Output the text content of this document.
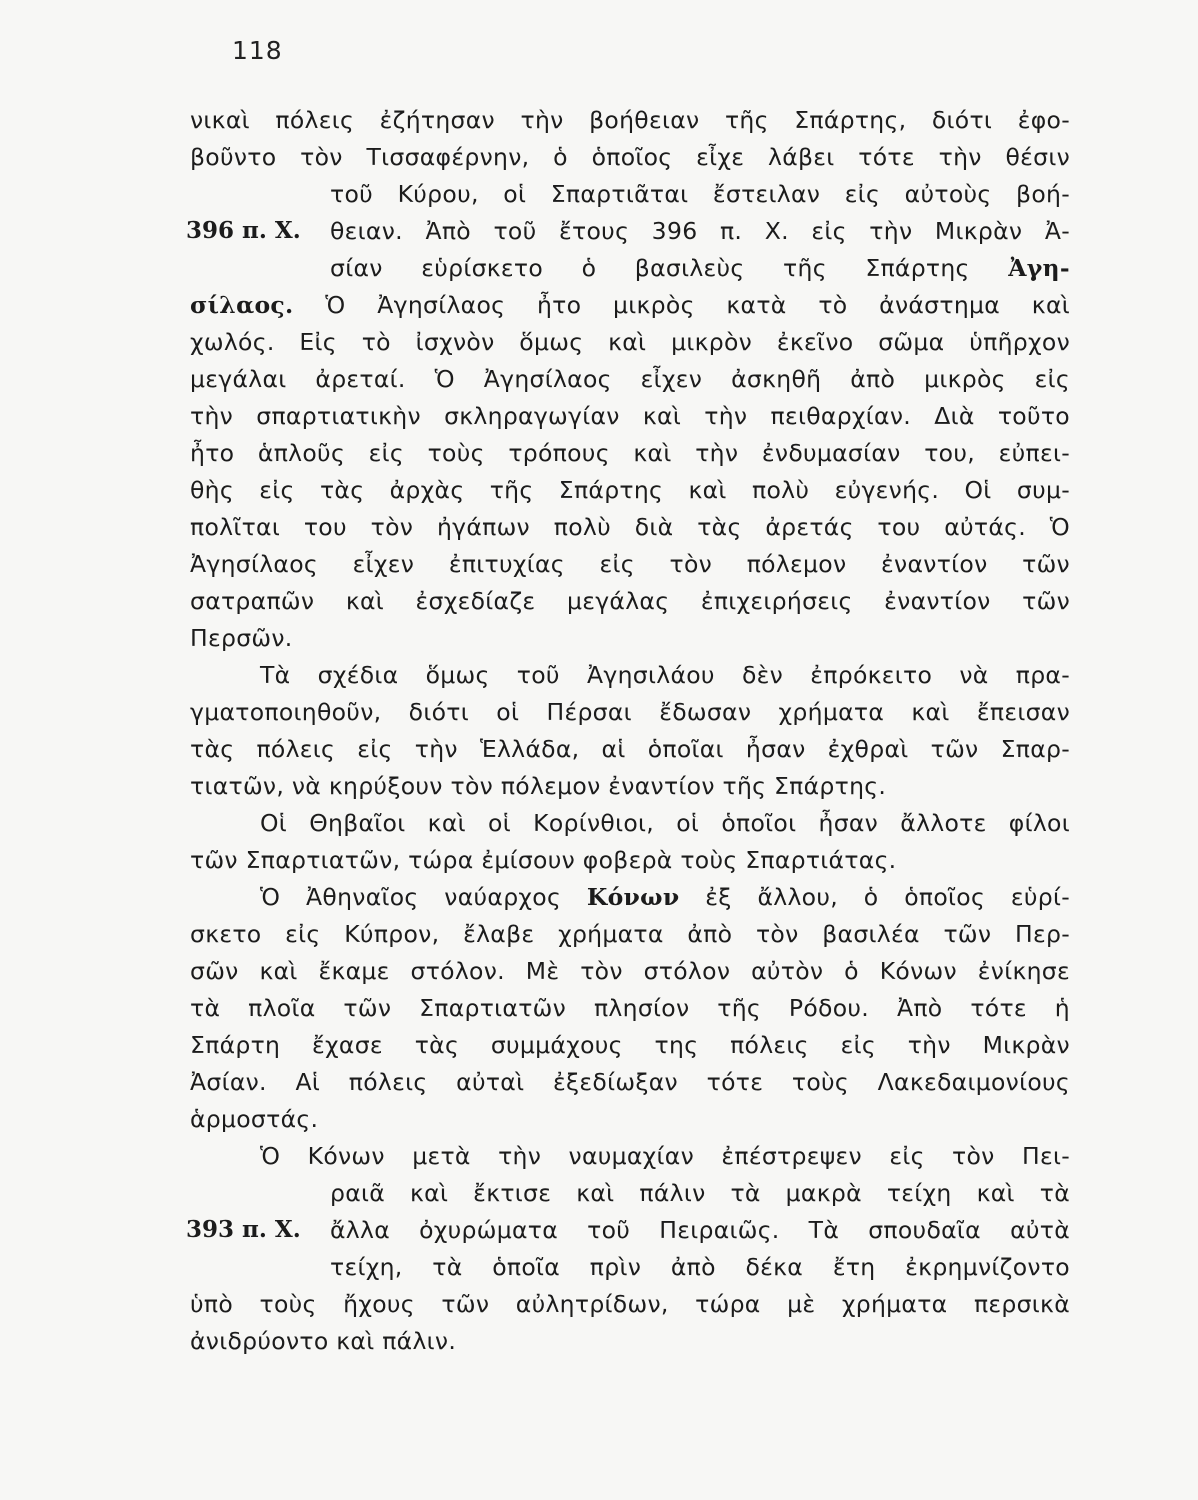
118
νικαὶ πόλεις ἐζήτησαν τὴν βοήθειαν τῆς Σπάρτης, διότι ἐφο-
βοῦντο τὸν Τισσαφέρνην, ὁ ὁποῖος εἶχε λάβει τότε τὴν θέσιν
τοῦ Κύρου, οἱ Σπαρτιᾶται ἔστειλαν εἰς αὐτοὺς βοή-
396 π. Χ. θειαν. Ἀπὸ τοῦ ἔτους 396 π. Χ. εἰς τὴν Μικρὰν Ἀ-
σίαν εὑρίσκετο ὁ βασιλεὺς τῆς Σπάρτης Ἀγη-
σίλαος. Ὁ Ἀγησίλαος ἦτο μικρὸς κατὰ τὸ ἀνάστημα καὶ
χωλός. Εἰς τὸ ἰσχνὸν ὅμως καὶ μικρὸν ἐκεῖνο σῶμα ὑπῆρχον
μεγάλαι ἀρεταί. Ὁ Ἀγησίλαος εἶχεν ἀσκηθῆ ἀπὸ μικρὸς εἰς
τὴν σπαρτιατικὴν σκληραγωγίαν καὶ τὴν πειθαρχίαν. Διὰ τοῦτο
ἦτο ἁπλοῦς εἰς τοὺς τρόπους καὶ τὴν ἐνδυμασίαν του, εὐπει-
θὴς εἰς τὰς ἀρχὰς τῆς Σπάρτης καὶ πολὺ εὐγενής. Οἱ συμ-
πολῖται του τὸν ἠγάπων πολὺ διὰ τὰς ἀρετάς του αὐτάς. Ὁ
Ἀγησίλαος εἶχεν ἐπιτυχίας εἰς τὸν πόλεμον ἐναντίον τῶν
σατραπῶν καὶ ἐσχεδίαζε μεγάλας ἐπιχειρήσεις ἐναντίον τῶν
Περσῶν.
Τὰ σχέδια ὅμως τοῦ Ἀγησιλάου δὲν ἐπρόκειτο νὰ πρα-
γματοποιηθοῦν, διότι οἱ Πέρσαι ἔδωσαν χρήματα καὶ ἔπεισαν
τὰς πόλεις εἰς τὴν Ἑλλάδα, αἱ ὁποῖαι ἦσαν ἐχθραὶ τῶν Σπαρ-
τιατῶν, νὰ κηρύξουν τὸν πόλεμον ἐναντίον τῆς Σπάρτης.
Οἱ Θηβαῖοι καὶ οἱ Κορίνθιοι, οἱ ὁποῖοι ἦσαν ἄλλοτε φίλοι
τῶν Σπαρτιατῶν, τώρα ἐμίσουν φοβερὰ τοὺς Σπαρτιάτας.
Ὁ Ἀθηναῖος ναύαρχος Κόνων ἐξ ἄλλου, ὁ ὁποῖος εὑρί-
σκετο εἰς Κύπρον, ἔλαβε χρήματα ἀπὸ τὸν βασιλέα τῶν Περ-
σῶν καὶ ἔκαμε στόλον. Μὲ τὸν στόλον αὐτὸν ὁ Κόνων ἐνίκησε
τὰ πλοῖα τῶν Σπαρτιατῶν πλησίον τῆς Ρόδου. Ἀπὸ τότε ἡ
Σπάρτη ἔχασε τὰς συμμάχους της πόλεις εἰς τὴν Μικρὰν
Ἀσίαν. Αἱ πόλεις αὐταὶ ἐξεδίωξαν τότε τοὺς Λακεδαιμονίους
ἁρμοστάς.
Ὁ Κόνων μετὰ τὴν ναυμαχίαν ἐπέστρεψεν εἰς τὸν Πει-
ραιᾶ καὶ ἔκτισε καὶ πάλιν τὰ μακρὰ τείχη καὶ τὰ
393 π. Χ. ἄλλα ὀχυρώματα τοῦ Πειραιῶς. Τὰ σπουδαῖα αὐτὰ
τείχη, τὰ ὁποῖα πρὶν ἀπὸ δέκα ἔτη ἐκρημνίζοντο
ὑπὸ τοὺς ἤχους τῶν αὐλητρίδων, τώρα μὲ χρήματα περσικὰ
ἀνιδρύοντο καὶ πάλιν.
